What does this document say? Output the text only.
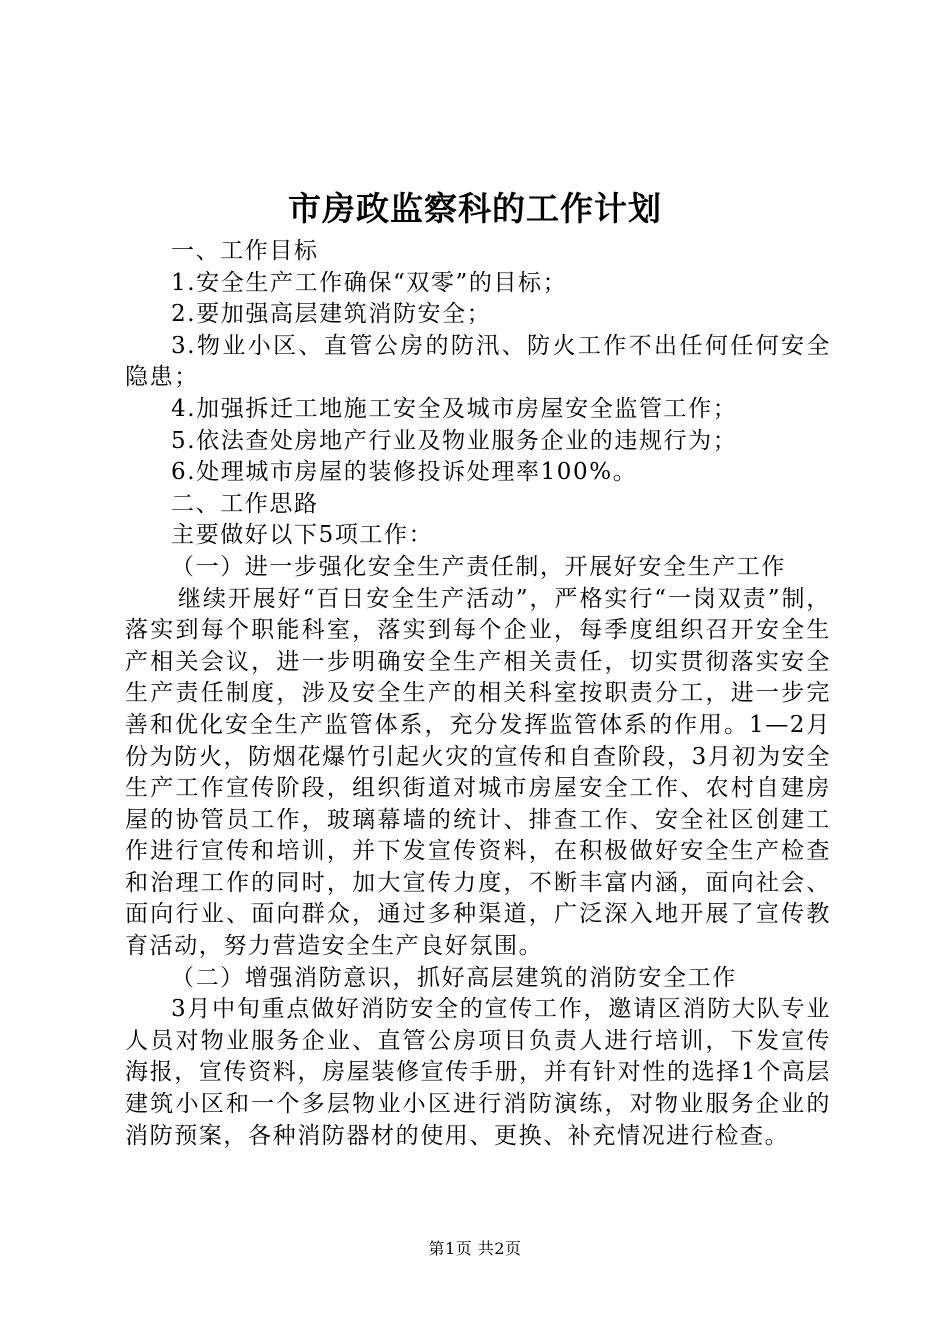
市房政监察科的工作计划

一、工作目标

1.安全生产工作确保“双零”的目标；

2.要加强高层建筑消防安全；

3.物业小区、直管公房的防汛、防火工作不出任何任何安全隐患；

4.加强拆迁工地施工安全及城市房屋安全监管工作；

5.依法查处房地产行业及物业服务企业的违规行为；

6.处理城市房屋的装修投诉处理率100%。

二、工作思路

主要做好以下5项工作：

（一）进一步强化安全生产责任制，开展好安全生产工作

继续开展好“百日安全生产活动”，严格实行“一岗双责”制，落实到每个职能科室，落实到每个企业，每季度组织召开安全生产相关会议，进一步明确安全生产相关责任，切实贯彻落实安全生产责任制度，涉及安全生产的相关科室按职责分工，进一步完善和优化安全生产监管体系，充分发挥监管体系的作用。1—2月份为防火，防烟花爆竹引起火灾的宣传和自查阶段，3月初为安全生产工作宣传阶段，组织街道对城市房屋安全工作、农村自建房屋的协管员工作，玻璃幕墙的统计、排查工作、安全社区创建工作进行宣传和培训，并下发宣传资料，在积极做好安全生产检查和治理工作的同时，加大宣传力度，不断丰富内涵，面向社会、面向行业、面向群众，通过多种渠道，广泛深入地开展了宣传教育活动，努力营造安全生产良好氛围。

（二）增强消防意识，抓好高层建筑的消防安全工作

3月中旬重点做好消防安全的宣传工作，邀请区消防大队专业人员对物业服务企业、直管公房项目负责人进行培训，下发宣传海报，宣传资料，房屋装修宣传手册，并有针对性的选择1个高层建筑小区和一个多层物业小区进行消防演练，对物业服务企业的消防预案，各种消防器材的使用、更换、补充情况进行检查。

第1页 共2页
